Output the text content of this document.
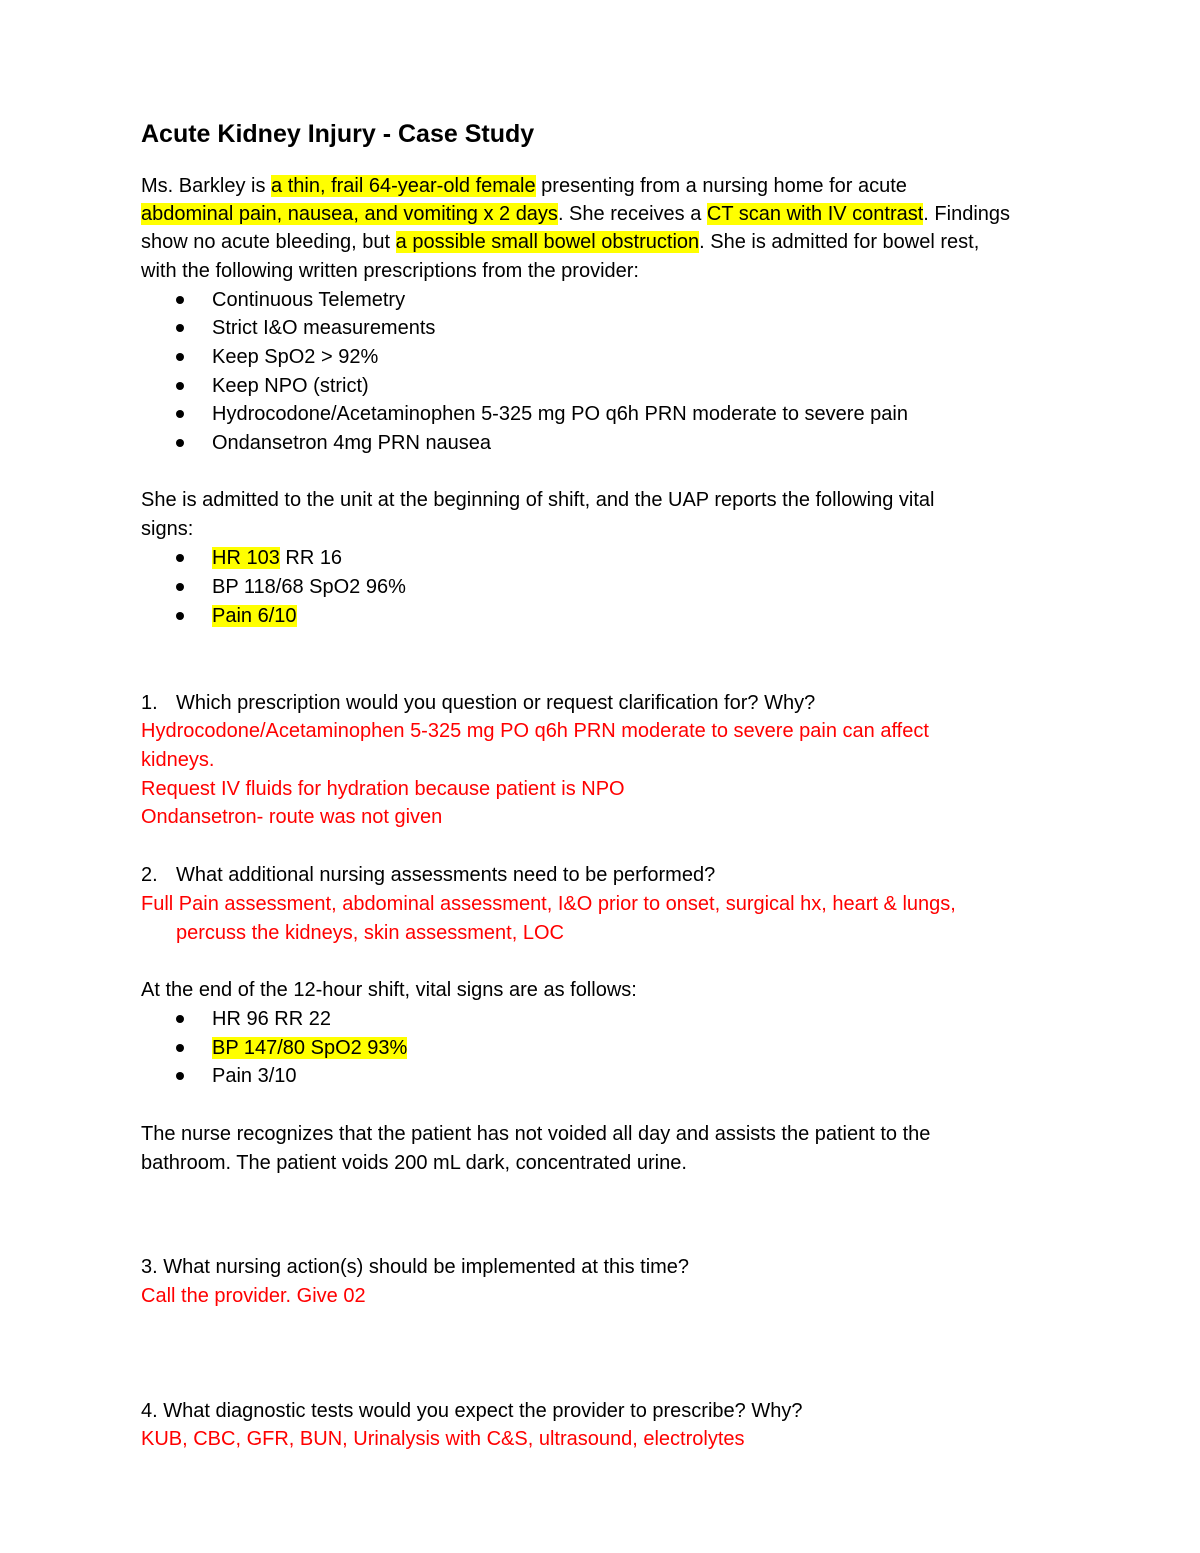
Acute Kidney Injury - Case Study
Ms. Barkley is a thin, frail 64-year-old female presenting from a nursing home for acute
abdominal pain, nausea, and vomiting x 2 days. She receives a CT scan with IV contrast. Findings
show no acute bleeding, but a possible small bowel obstruction. She is admitted for bowel rest,
with the following written prescriptions from the provider:
Continuous Telemetry
Strict I&O measurements
Keep SpO2 > 92%
Keep NPO (strict)
Hydrocodone/Acetaminophen 5-325 mg PO q6h PRN moderate to severe pain
Ondansetron 4mg PRN nausea
She is admitted to the unit at the beginning of shift, and the UAP reports the following vital
signs:
HR 103 RR 16
BP 118/68 SpO2 96%
Pain 6/10
1. Which prescription would you question or request clarification for? Why?
Hydrocodone/Acetaminophen 5-325 mg PO q6h PRN moderate to severe pain can affect
kidneys.
Request IV fluids for hydration because patient is NPO
Ondansetron- route was not given
2. What additional nursing assessments need to be performed?
Full Pain assessment, abdominal assessment, I&O prior to onset, surgical hx, heart & lungs,
percuss the kidneys, skin assessment, LOC
At the end of the 12-hour shift, vital signs are as follows:
HR 96 RR 22
BP 147/80 SpO2 93%
Pain 3/10
The nurse recognizes that the patient has not voided all day and assists the patient to the
bathroom. The patient voids 200 mL dark, concentrated urine.
3. What nursing action(s) should be implemented at this time?
Call the provider. Give 02
4. What diagnostic tests would you expect the provider to prescribe? Why?
KUB, CBC, GFR, BUN, Urinalysis with C&S, ultrasound, electrolytes
